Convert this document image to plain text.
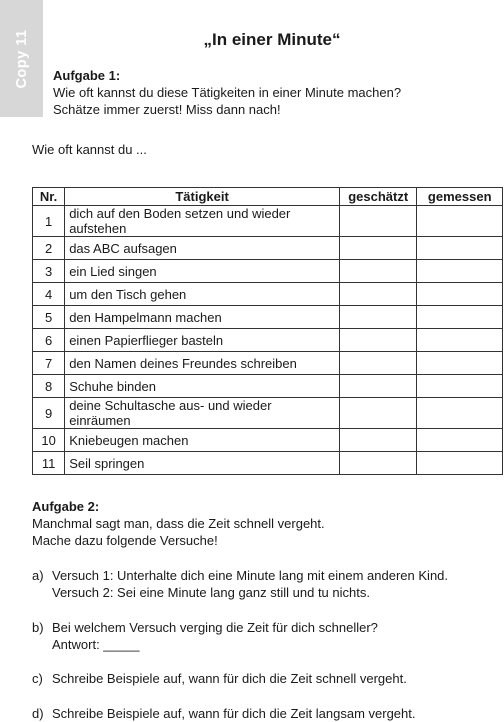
Copy 11	„In einer Minute“
Aufgabe 1:
Wie oft kannst du diese Tätigkeiten in einer Minute machen?
Schätze immer zuerst! Miss dann nach!
Wie oft kannst du ...
Nr.	Tätigkeit	geschätzt	gemessen
1	dich auf den Boden setzen und wieder aufstehen		
2	das ABC aufsagen		
3	ein Lied singen		
4	um den Tisch gehen		
5	den Hampelmann machen		
6	einen Papierflieger basteln		
7	den Namen deines Freundes schreiben		
8	Schuhe binden		
9	deine Schultasche aus- und wieder einräumen		
10	Kniebeugen machen		
11	Seil springen		
Aufgabe 2:
Manchmal sagt man, dass die Zeit schnell vergeht.
Mache dazu folgende Versuche!
a) Versuch 1: Unterhalte dich eine Minute lang mit einem anderen Kind.
Versuch 2: Sei eine Minute lang ganz still und tu nichts.
b) Bei welchem Versuch verging die Zeit für dich schneller?
Antwort: _____
c) Schreibe Beispiele auf, wann für dich die Zeit schnell vergeht.
d) Schreibe Beispiele auf, wann für dich die Zeit langsam vergeht.
